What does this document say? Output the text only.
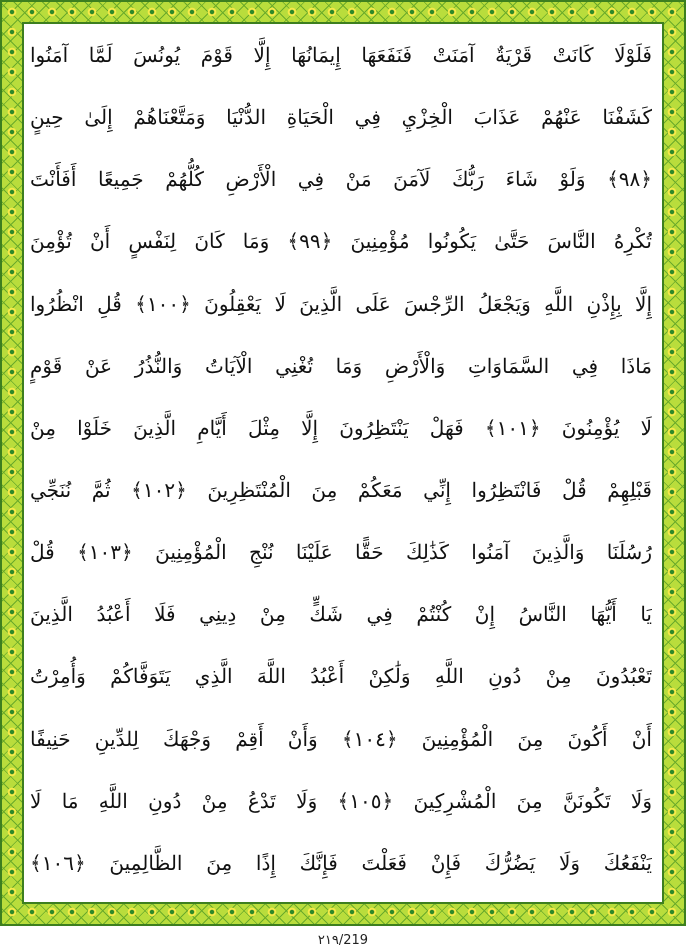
فَلَوْلَا كَانَتْ قَرْيَةٌ آمَنَتْ فَنَفَعَهَا إِيمَانُهَا إِلَّا قَوْمَ يُونُسَ لَمَّا آمَنُوا
كَشَفْنَا عَنْهُمْ عَذَابَ الْخِزْيِ فِي الْحَيَاةِ الدُّنْيَا وَمَتَّعْنَاهُمْ إِلَىٰ حِينٍ
﴿٩٨﴾ وَلَوْ شَاءَ رَبُّكَ لَآمَنَ مَنْ فِي الْأَرْضِ كُلُّهُمْ جَمِيعًا أَفَأَنْتَ
تُكْرِهُ النَّاسَ حَتَّىٰ يَكُونُوا مُؤْمِنِينَ ﴿٩٩﴾ وَمَا كَانَ لِنَفْسٍ أَنْ تُؤْمِنَ
إِلَّا بِإِذْنِ اللَّهِ وَيَجْعَلُ الرِّجْسَ عَلَى الَّذِينَ لَا يَعْقِلُونَ ﴿١٠٠﴾ قُلِ انْظُرُوا
مَاذَا فِي السَّمَاوَاتِ وَالْأَرْضِ وَمَا تُغْنِي الْآيَاتُ وَالنُّذُرُ عَنْ قَوْمٍ
لَا يُؤْمِنُونَ ﴿١٠١﴾ فَهَلْ يَنْتَظِرُونَ إِلَّا مِثْلَ أَيَّامِ الَّذِينَ خَلَوْا مِنْ
قَبْلِهِمْ قُلْ فَانْتَظِرُوا إِنِّي مَعَكُمْ مِنَ الْمُنْتَظِرِينَ ﴿١٠٢﴾ ثُمَّ نُنَجِّي
رُسُلَنَا وَالَّذِينَ آمَنُوا كَذَٰلِكَ حَقًّا عَلَيْنَا نُنْجِ الْمُؤْمِنِينَ ﴿١٠٣﴾ قُلْ
يَا أَيُّهَا النَّاسُ إِنْ كُنْتُمْ فِي شَكٍّ مِنْ دِينِي فَلَا أَعْبُدُ الَّذِينَ
تَعْبُدُونَ مِنْ دُونِ اللَّهِ وَلَٰكِنْ أَعْبُدُ اللَّهَ الَّذِي يَتَوَفَّاكُمْ وَأُمِرْتُ
أَنْ أَكُونَ مِنَ الْمُؤْمِنِينَ ﴿١٠٤﴾ وَأَنْ أَقِمْ وَجْهَكَ لِلدِّينِ حَنِيفًا
وَلَا تَكُونَنَّ مِنَ الْمُشْرِكِينَ ﴿١٠٥﴾ وَلَا تَدْعُ مِنْ دُونِ اللَّهِ مَا لَا
يَنْفَعُكَ وَلَا يَضُرُّكَ فَإِنْ فَعَلْتَ فَإِنَّكَ إِذًا مِنَ الظَّالِمِينَ ﴿١٠٦﴾
٢١٩/219
